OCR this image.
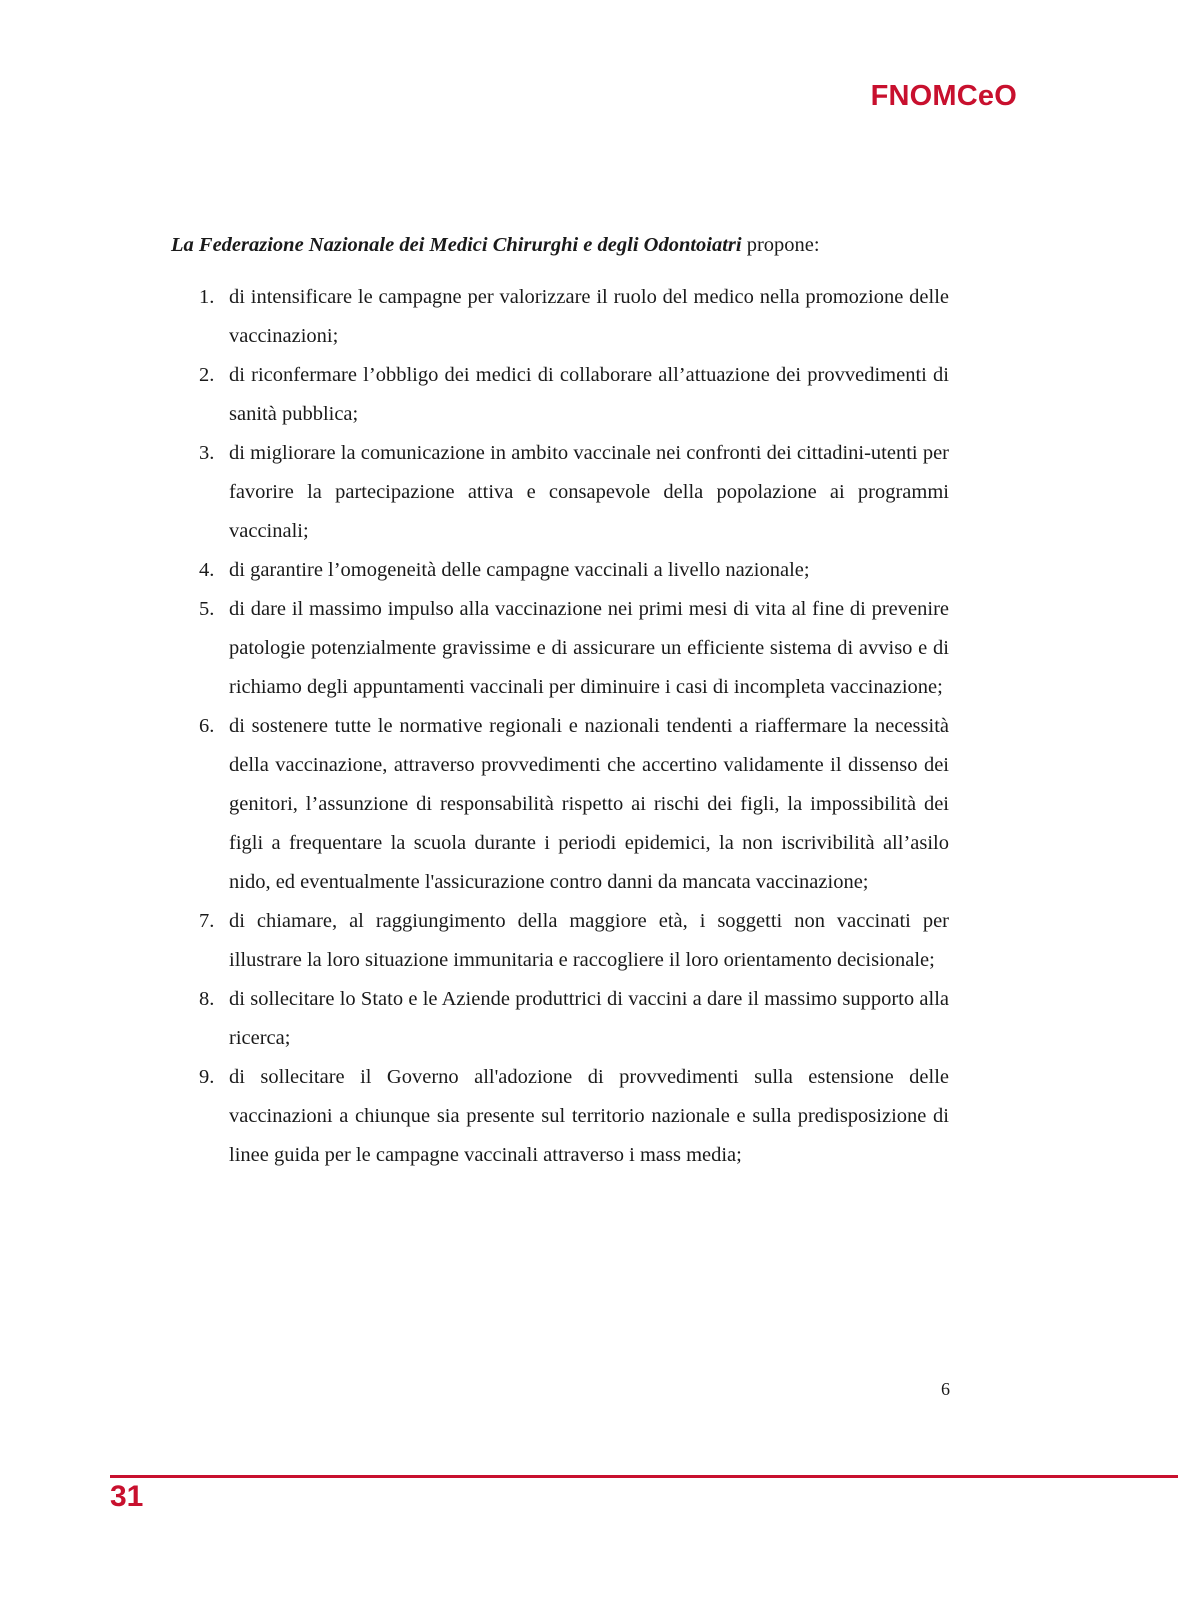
FNOMCeO

La Federazione Nazionale dei Medici Chirurghi e degli Odontoiatri propone:

1. di intensificare le campagne per valorizzare il ruolo del medico nella promozione delle vaccinazioni;
2. di riconfermare l’obbligo dei medici di collaborare all’attuazione dei provvedimenti di sanità pubblica;
3. di migliorare la comunicazione in ambito vaccinale nei confronti dei cittadini-utenti per favorire la partecipazione attiva e consapevole della popolazione ai programmi vaccinali;
4. di garantire l’omogeneità delle campagne vaccinali a livello nazionale;
5. di dare il massimo impulso alla vaccinazione nei primi mesi di vita al fine di prevenire patologie potenzialmente gravissime e di assicurare un efficiente sistema di avviso e di richiamo degli appuntamenti vaccinali per diminuire i casi di incompleta vaccinazione;
6. di sostenere tutte le normative regionali e nazionali tendenti a riaffermare la necessità della vaccinazione, attraverso provvedimenti che accertino validamente il dissenso dei genitori, l’assunzione di responsabilità rispetto ai rischi dei figli, la impossibilità dei figli a frequentare la scuola durante i periodi epidemici, la non iscrivibilità all’asilo nido, ed eventualmente l'assicurazione contro danni da mancata vaccinazione;
7. di chiamare, al raggiungimento della maggiore età, i soggetti non vaccinati per illustrare la loro situazione immunitaria e raccogliere il loro orientamento decisionale;
8. di sollecitare lo Stato e le Aziende produttrici di vaccini a dare il massimo supporto alla ricerca;
9. di sollecitare il Governo all'adozione di provvedimenti sulla estensione delle vaccinazioni a chiunque sia presente sul territorio nazionale e sulla predisposizione di linee guida per le campagne vaccinali attraverso i mass media;
6
31
